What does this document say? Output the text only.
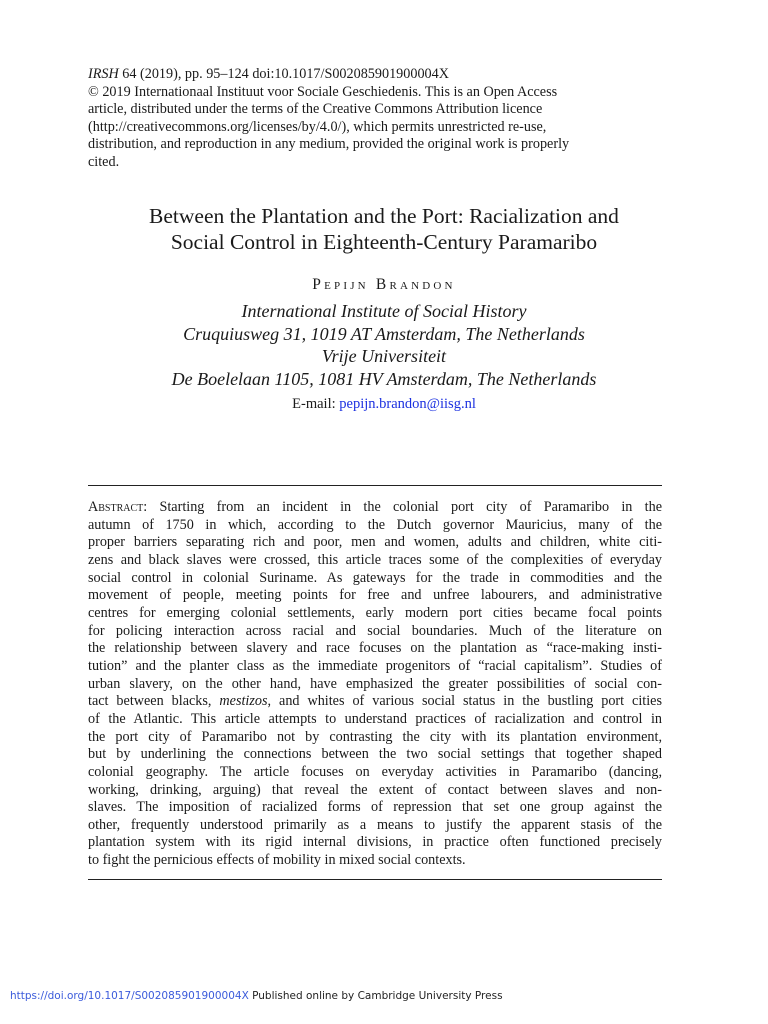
IRSH 64 (2019), pp. 95–124 doi:10.1017/S002085901900004X
© 2019 Internationaal Instituut voor Sociale Geschiedenis. This is an Open Access
article, distributed under the terms of the Creative Commons Attribution licence
(http://creativecommons.org/licenses/by/4.0/), which permits unrestricted re-use,
distribution, and reproduction in any medium, provided the original work is properly
cited.
Between the Plantation and the Port: Racialization and
Social Control in Eighteenth-Century Paramaribo
Pepijn Brandon
International Institute of Social History
Cruquiusweg 31, 1019 AT Amsterdam, The Netherlands
Vrije Universiteit
De Boelelaan 1105, 1081 HV Amsterdam, The Netherlands
E-mail: pepijn.brandon@iisg.nl
Abstract: Starting from an incident in the colonial port city of Paramaribo in the
autumn of 1750 in which, according to the Dutch governor Mauricius, many of the
proper barriers separating rich and poor, men and women, adults and children, white citi-
zens and black slaves were crossed, this article traces some of the complexities of everyday
social control in colonial Suriname. As gateways for the trade in commodities and the
movement of people, meeting points for free and unfree labourers, and administrative
centres for emerging colonial settlements, early modern port cities became focal points
for policing interaction across racial and social boundaries. Much of the literature on
the relationship between slavery and race focuses on the plantation as “race-making insti-
tution” and the planter class as the immediate progenitors of “racial capitalism”. Studies of
urban slavery, on the other hand, have emphasized the greater possibilities of social con-
tact between blacks, mestizos, and whites of various social status in the bustling port cities
of the Atlantic. This article attempts to understand practices of racialization and control in
the port city of Paramaribo not by contrasting the city with its plantation environment,
but by underlining the connections between the two social settings that together shaped
colonial geography. The article focuses on everyday activities in Paramaribo (dancing,
working, drinking, arguing) that reveal the extent of contact between slaves and non-
slaves. The imposition of racialized forms of repression that set one group against the
other, frequently understood primarily as a means to justify the apparent stasis of the
plantation system with its rigid internal divisions, in practice often functioned precisely
to fight the pernicious effects of mobility in mixed social contexts.
https://doi.org/10.1017/S002085901900004X Published online by Cambridge University Press
